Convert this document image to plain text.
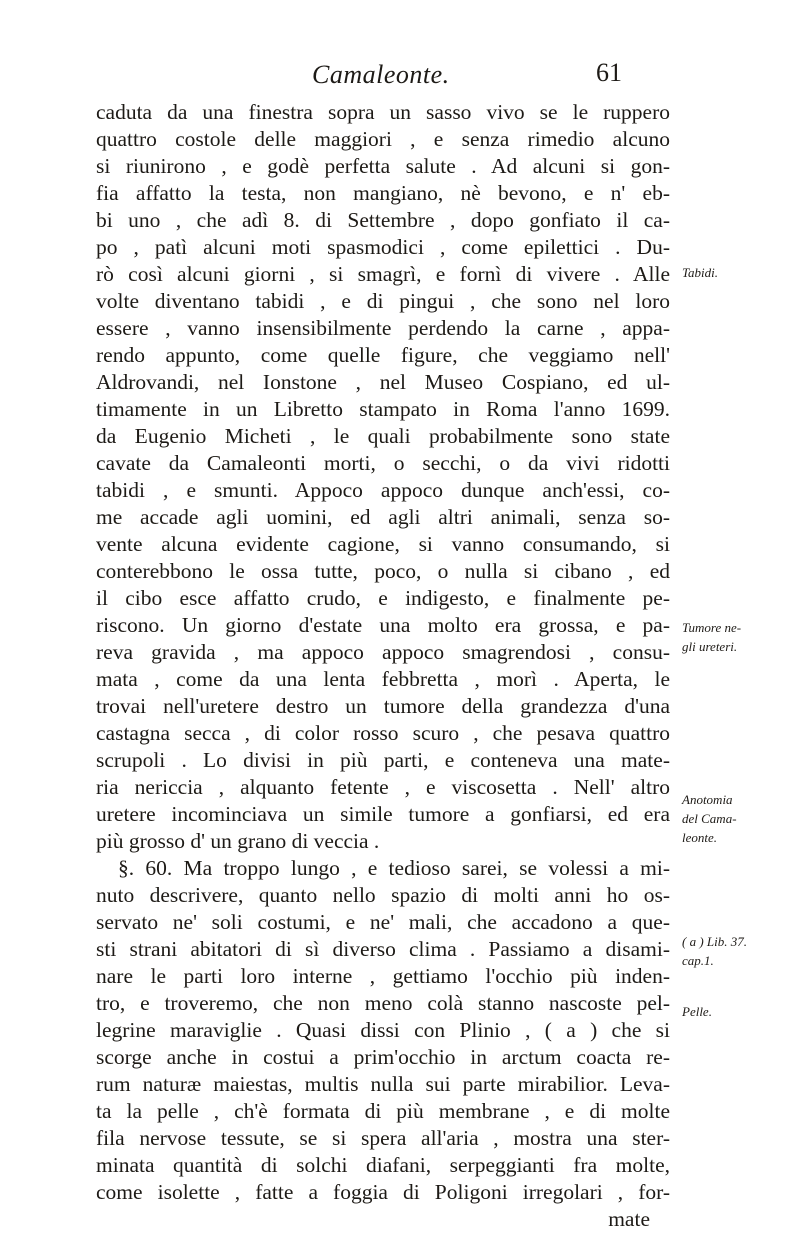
Camaleonte.	61
caduta da una finestra sopra un sasso vivo se le ruppero
quattro costole delle maggiori , e senza rimedio alcuno
si riunirono , e godè perfetta salute . Ad alcuni si gon-
fia affatto la testa, non mangiano, nè bevono, e n' eb-
bi uno , che adì 8. di Settembre , dopo gonfiato il ca-
po , patì alcuni moti spasmodici , come epilettici . Du-
rò così alcuni giorni , si smagrì, e fornì di vivere . Alle
volte diventano tabidi , e di pingui , che sono nel loro
essere , vanno insensibilmente perdendo la carne , appa-
rendo appunto, come quelle figure, che veggiamo nell'
Aldrovandi, nel Ionstone , nel Museo Cospiano, ed ul-
timamente in un Libretto stampato in Roma l'anno 1699.
da Eugenio Micheti , le quali probabilmente sono state
cavate da Camaleonti morti, o secchi, o da vivi ridotti
tabidi , e smunti. Appoco appoco dunque anch'essi, co-
me accade agli uomini, ed agli altri animali, senza so-
vente alcuna evidente cagione, si vanno consumando, si
conterebbono le ossa tutte, poco, o nulla si cibano , ed
il cibo esce affatto crudo, e indigesto, e finalmente pe-
riscono. Un giorno d'estate una molto era grossa, e pa-
reva gravida , ma appoco appoco smagrendosi , consu-
mata , come da una lenta febbretta , morì . Aperta, le
trovai nell'uretere destro un tumore della grandezza d'una
castagna secca , di color rosso scuro , che pesava quattro
scrupoli . Lo divisi in più parti, e conteneva una mate-
ria nericcia , alquanto fetente , e viscosetta . Nell' altro
uretere incominciava un simile tumore a gonfiarsi, ed era
più grosso d' un grano di veccia .
§. 60. Ma troppo lungo , e tedioso sarei, se volessi a mi-
nuto descrivere, quanto nello spazio di molti anni ho os-
servato ne' soli costumi, e ne' mali, che accadono a que-
sti strani abitatori di sì diverso clima . Passiamo a disami-
nare le parti loro interne , gettiamo l'occhio più inden-
tro, e troveremo, che non meno colà stanno nascoste pel-
legrine maraviglie . Quasi dissi con Plinio , ( a ) che si
scorge anche in costui a prim'occhio in arctum coacta re-
rum naturæ maiestas, multis nulla sui parte mirabilior. Leva-
ta la pelle , ch'è formata di più membrane , e di molte
fila nervose tessute, se si spera all'aria , mostra una ster-
minata quantità di solchi diafani, serpeggianti fra molte,
come isolette , fatte a foggia di Poligoni irregolari , for-
mate
Tabidi.
Tumore ne-
gli ureteri.
Anotomia
del Cama-
leonte.
( a ) Lib. 37.
cap.1.
Pelle.
